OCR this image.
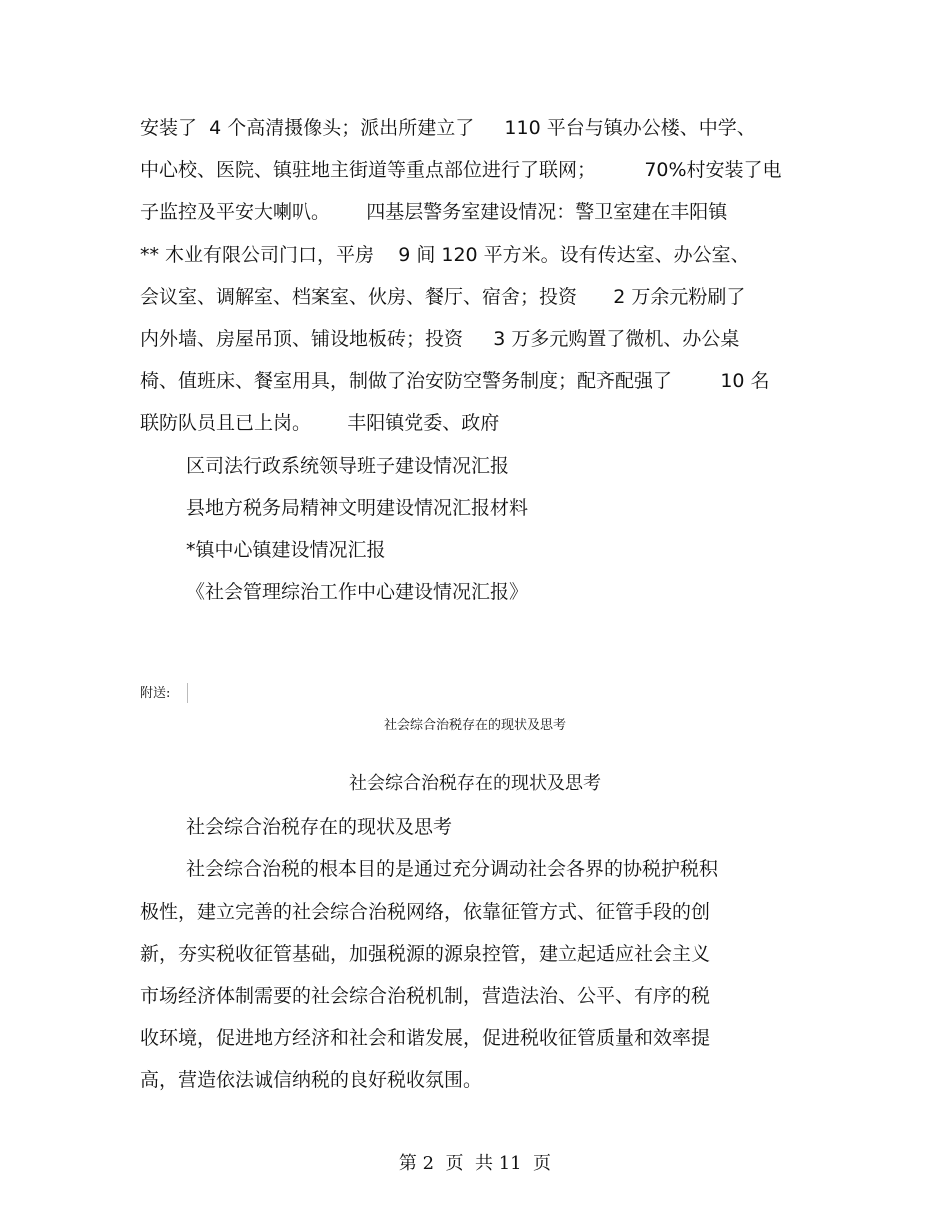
安装了  4 个高清摄像头；派出所建立了     110 平台与镇办公楼、中学、
中心校、医院、镇驻地主街道等重点部位进行了联网；        70%村安装了电
子监控及平安大喇叭。      四基层警务室建设情况：警卫室建在丰阳镇
** 木业有限公司门口，平房    9 间 120 平方米。设有传达室、办公室、
会议室、调解室、档案室、伙房、餐厅、宿舍；投资      2 万余元粉刷了
内外墙、房屋吊顶、铺设地板砖；投资     3 万多元购置了微机、办公桌
椅、值班床、餐室用具，制做了治安防空警务制度；配齐配强了        10 名
联防队员且已上岗。      丰阳镇党委、政府
区司法行政系统领导班子建设情况汇报
县地方税务局精神文明建设情况汇报材料
*镇中心镇建设情况汇报
《社会管理综治工作中心建设情况汇报》
附送:
社会综合治税存在的现状及思考
社会综合治税存在的现状及思考
社会综合治税存在的现状及思考
社会综合治税的根本目的是通过充分调动社会各界的协税护税积
极性，建立完善的社会综合治税网络，依靠征管方式、征管手段的创
新，夯实税收征管基础，加强税源的源泉控管，建立起适应社会主义
市场经济体制需要的社会综合治税机制，营造法治、公平、有序的税
收环境，促进地方经济和社会和谐发展，促进税收征管质量和效率提
高，营造依法诚信纳税的良好税收氛围。
第 2  页  共 11  页
